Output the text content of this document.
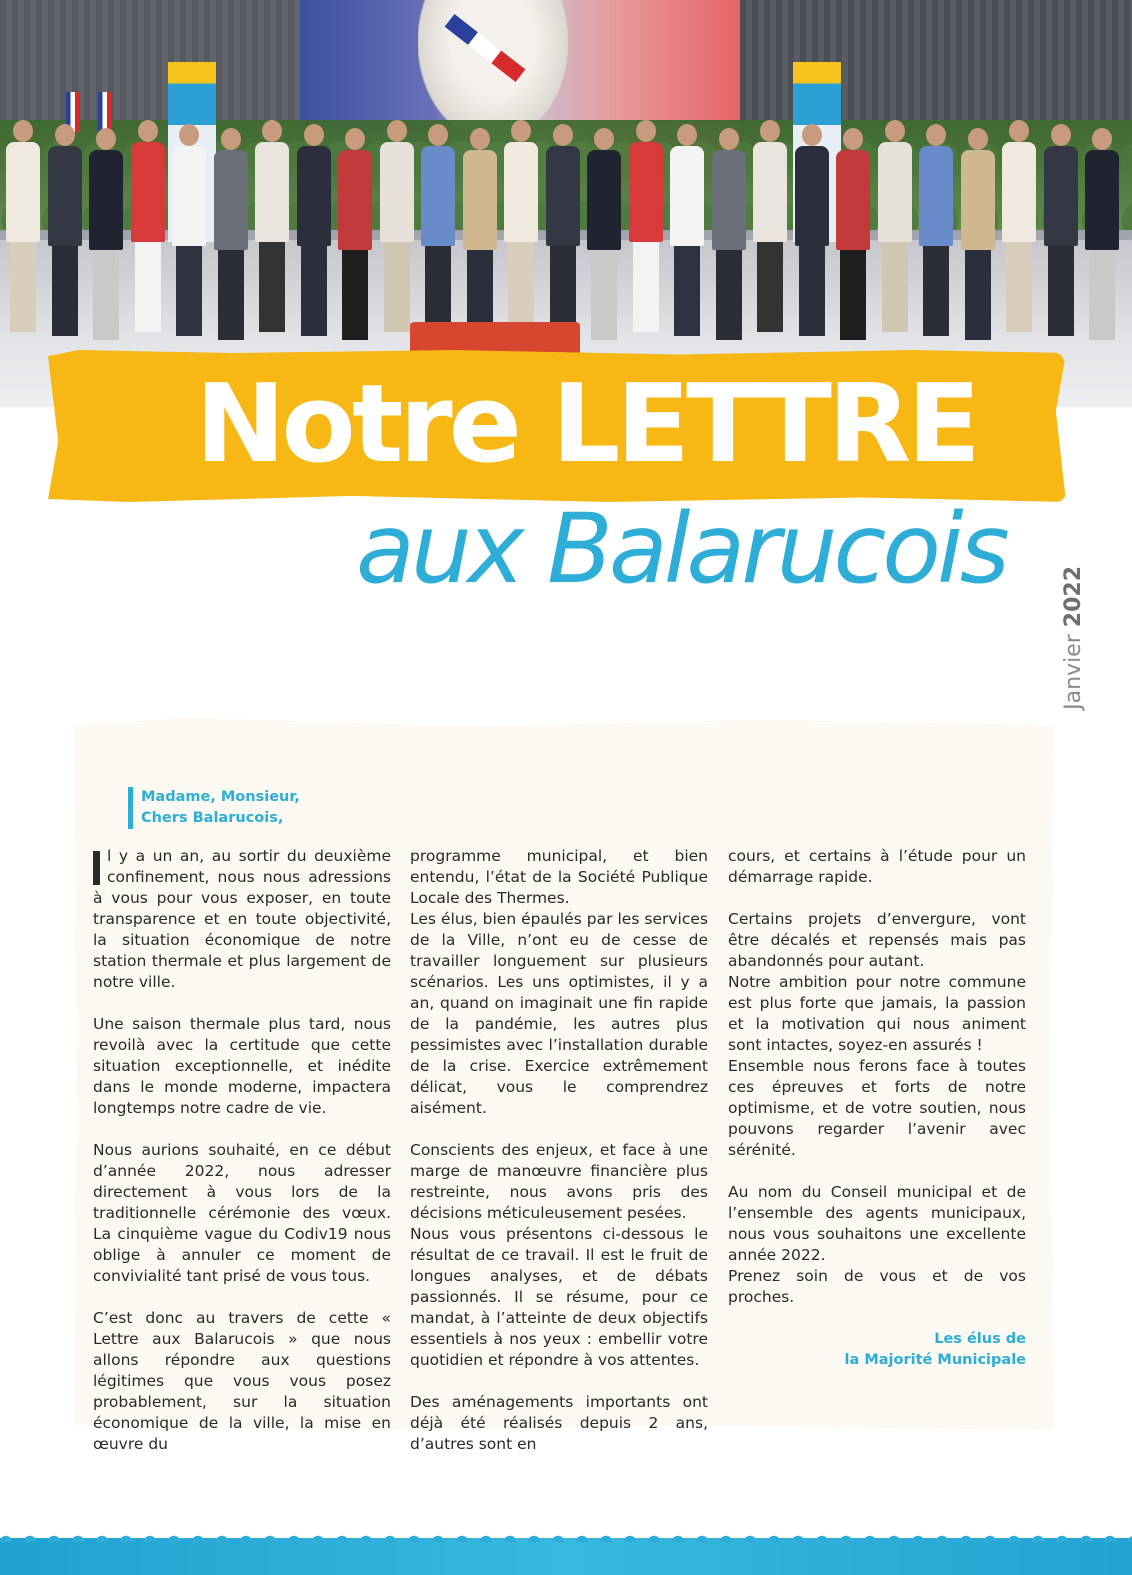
Notre LETTRE
aux Balarucois
Janvier 2022
Madame, Monsieur,
Chers Balarucois,

l y a un an, au sortir du deuxième confinement, nous nous adressions à vous pour vous exposer, en toute transparence et en toute objectivité, la situation économique de notre station thermale et plus largement de notre ville.

Une saison thermale plus tard, nous revoilà avec la certitude que cette situation exceptionnelle, et inédite dans le monde moderne, impactera longtemps notre cadre de vie.

Nous aurions souhaité, en ce début d’année 2022, nous adresser directement à vous lors de la traditionnelle cérémonie des vœux. La cinquième vague du Codiv19 nous oblige à annuler ce moment de convivialité tant prisé de vous tous.

C’est donc au travers de cette « Lettre aux Balarucois » que nous allons répondre aux questions légitimes que vous vous posez probablement, sur la situation économique de la ville, la mise en œuvre du

programme municipal, et bien entendu, l’état de la Société Publique Locale des Thermes.

Les élus, bien épaulés par les services de la Ville, n’ont eu de cesse de travailler longuement sur plusieurs scénarios. Les uns optimistes, il y a an, quand on imaginait une fin rapide de la pandémie, les autres plus pessimistes avec l’installation durable de la crise. Exercice extrêmement délicat, vous le comprendrez aisément.

Conscients des enjeux, et face à une marge de manœuvre financière plus restreinte, nous avons pris des décisions méticuleusement pesées.

Nous vous présentons ci-dessous le résultat de ce travail. Il est le fruit de longues analyses, et de débats passionnés. Il se résume, pour ce mandat, à l’atteinte de deux objectifs essentiels à nos yeux : embellir votre quotidien et répondre à vos attentes.

Des aménagements importants ont déjà été réalisés depuis 2 ans, d’autres sont en

cours, et certains à l’étude pour un démarrage rapide.

Certains projets d’envergure, vont être décalés et repensés mais pas abandonnés pour autant.

Notre ambition pour notre commune est plus forte que jamais, la passion et la motivation qui nous animent sont intactes, soyez-en assurés !

Ensemble nous ferons face à toutes ces épreuves et forts de notre optimisme, et de votre soutien, nous pouvons regarder l’avenir avec sérénité.

Au nom du Conseil municipal et de l’ensemble des agents municipaux, nous vous souhaitons une excellente année 2022.

Prenez soin de vous et de vos proches.

Les élus de
la Majorité Municipale
